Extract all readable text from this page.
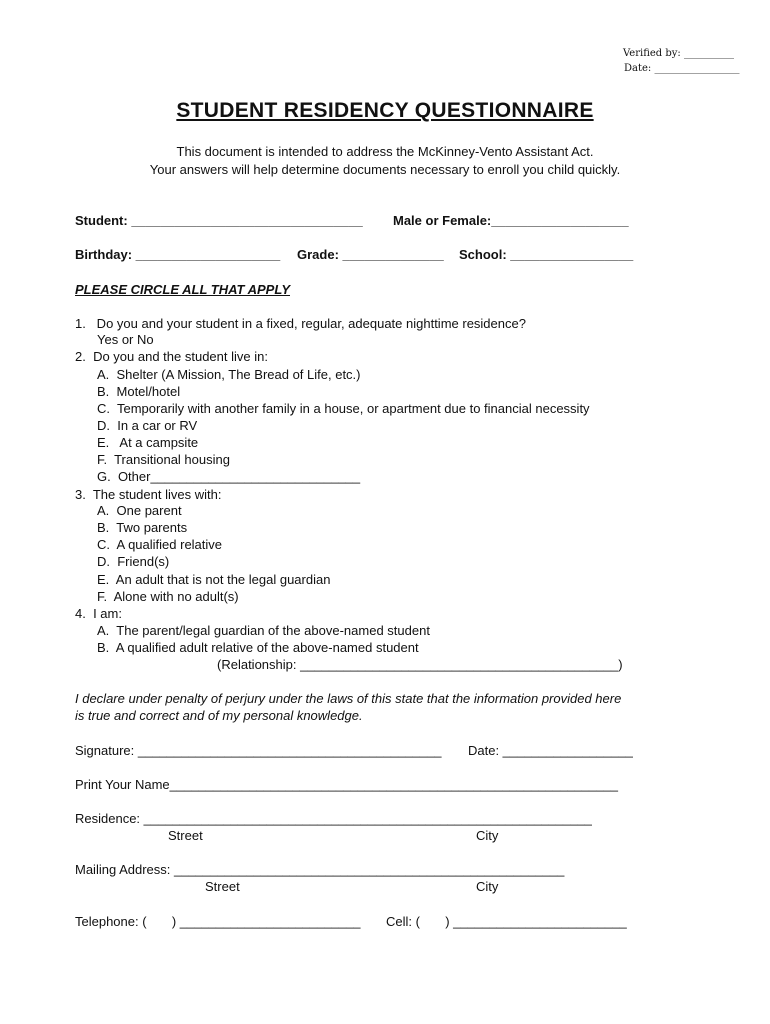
Verified by: __________
Date: _________________
STUDENT RESIDENCY QUESTIONNAIRE
This document is intended to address the McKinney-Vento Assistant Act.
Your answers will help determine documents necessary to enroll you child quickly.
Student: ________________________________ Male or Female:___________________
Birthday: ____________________ Grade: ______________ School: _________________
PLEASE CIRCLE ALL THAT APPLY
1.   Do you and your student in a fixed, regular, adequate nighttime residence?
Yes or No
2.  Do you and the student live in:
A.  Shelter (A Mission, The Bread of Life, etc.)
B.  Motel/hotel
C.  Temporarily with another family in a house, or apartment due to financial necessity
D.  In a car or RV
E.   At a campsite
F.  Transitional housing
G.  Other_____________________________
3.  The student lives with:
A.  One parent
B.  Two parents
C.  A qualified relative
D.  Friend(s)
E.  An adult that is not the legal guardian
F.  Alone with no adult(s)
4.  I am:
A.  The parent/legal guardian of the above-named student
B.  A qualified adult relative of the above-named student
(Relationship: ____________________________________________)
I declare under penalty of perjury under the laws of this state that the information provided here
is true and correct and of my personal knowledge.
Signature: __________________________________________ Date: __________________
Print Your Name______________________________________________________________
Residence: ______________________________________________________________
Street	City
Mailing Address: ______________________________________________________
Street	City
Telephone: (       ) _________________________ Cell: (       ) ________________________
